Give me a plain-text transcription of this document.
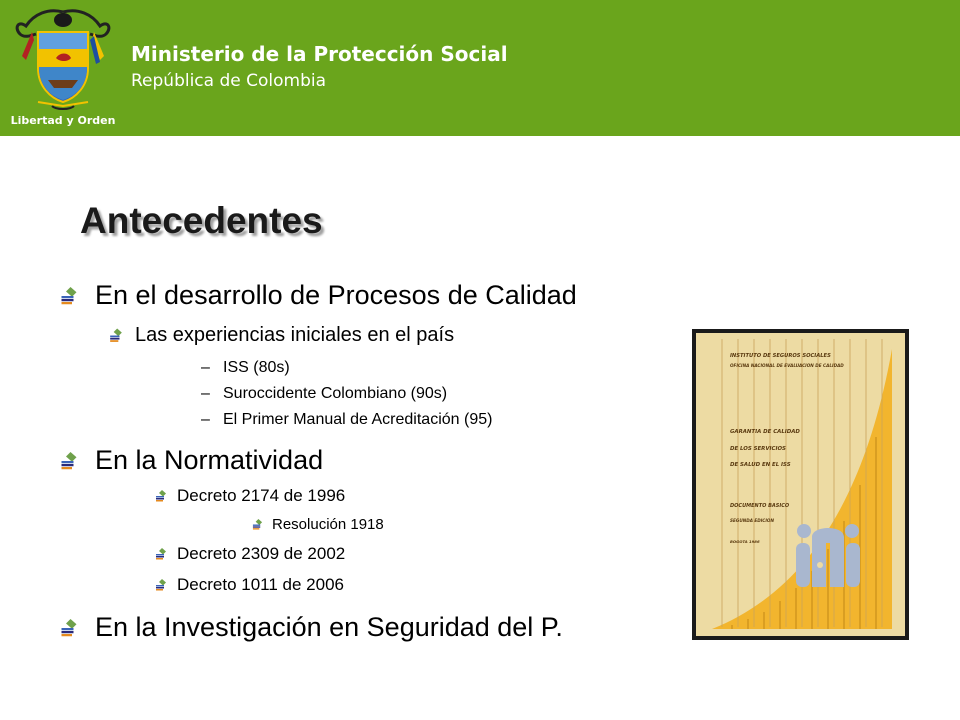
Libertad y Orden
Ministerio de la Protección Social
República de Colombia
Antecedentes
En el desarrollo de Procesos de Calidad
Las experiencias iniciales en el país
– ISS (80s)
– Suroccidente Colombiano (90s)
– El Primer Manual de Acreditación (95)
En la Normatividad
Decreto 2174 de 1996
Resolución 1918
Decreto 2309 de 2002
Decreto 1011 de 2006
En la Investigación en Seguridad del P.
INSTITUTO DE SEGUROS SOCIALES
OFICINA NACIONAL DE EVALUACION DE CALIDAD
GARANTIA DE CALIDAD
DE LOS SERVICIOS
DE SALUD EN EL ISS
DOCUMENTO BASICO
SEGUNDA EDICION
BOGOTA 1986
